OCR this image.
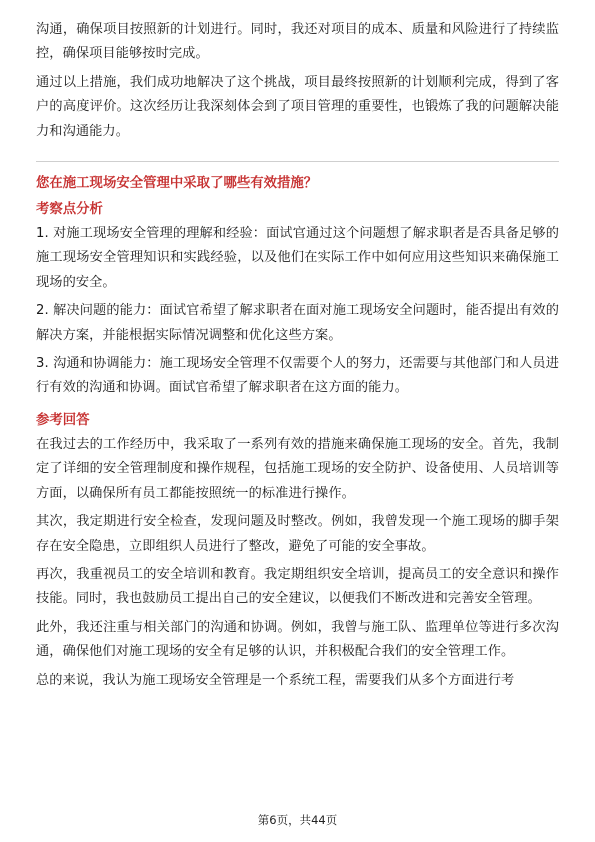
沟通，确保项目按照新的计划进行。同时，我还对项目的成本、质量和风险进行了持续监控，确保项目能够按时完成。

通过以上措施，我们成功地解决了这个挑战，项目最终按照新的计划顺利完成，得到了客户的高度评价。这次经历让我深刻体会到了项目管理的重要性，也锻炼了我的问题解决能力和沟通能力。

您在施工现场安全管理中采取了哪些有效措施？
考察点分析

1. 对施工现场安全管理的理解和经验：面试官通过这个问题想了解求职者是否具备足够的施工现场安全管理知识和实践经验，以及他们在实际工作中如何应用这些知识来确保施工现场的安全。

2. 解决问题的能力：面试官希望了解求职者在面对施工现场安全问题时，能否提出有效的解决方案，并能根据实际情况调整和优化这些方案。

3. 沟通和协调能力：施工现场安全管理不仅需要个人的努力，还需要与其他部门和人员进行有效的沟通和协调。面试官希望了解求职者在这方面的能力。

参考回答

在我过去的工作经历中，我采取了一系列有效的措施来确保施工现场的安全。首先，我制定了详细的安全管理制度和操作规程，包括施工现场的安全防护、设备使用、人员培训等方面，以确保所有员工都能按照统一的标准进行操作。

其次，我定期进行安全检查，发现问题及时整改。例如，我曾发现一个施工现场的脚手架存在安全隐患，立即组织人员进行了整改，避免了可能的安全事故。

再次，我重视员工的安全培训和教育。我定期组织安全培训，提高员工的安全意识和操作技能。同时，我也鼓励员工提出自己的安全建议，以便我们不断改进和完善安全管理。

此外，我还注重与相关部门的沟通和协调。例如，我曾与施工队、监理单位等进行多次沟通，确保他们对施工现场的安全有足够的认识，并积极配合我们的安全管理工作。

总的来说，我认为施工现场安全管理是一个系统工程，需要我们从多个方面进行考

第6页，共44页
